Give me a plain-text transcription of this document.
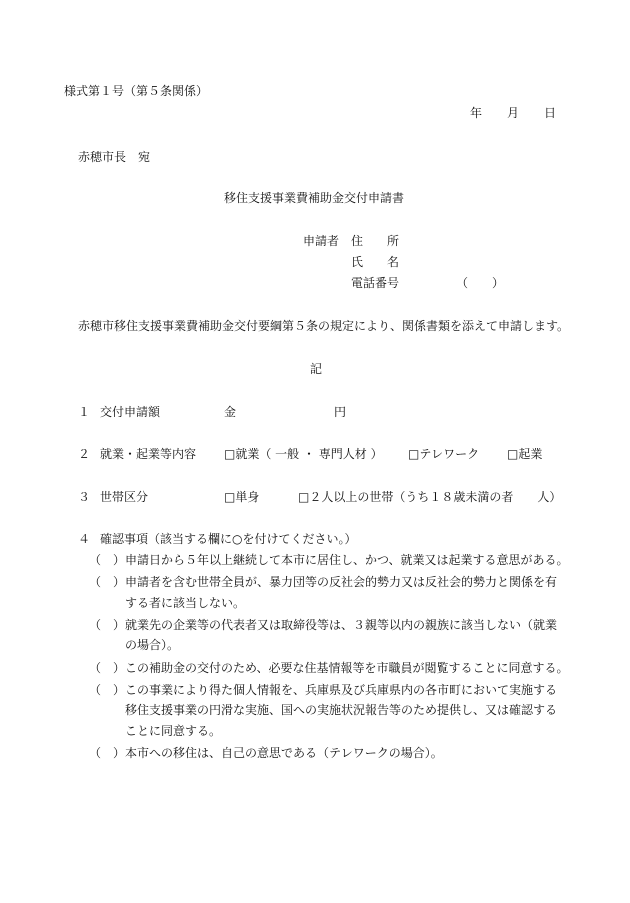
様式第１号（第５条関係）
年 月 日
赤穂市長　宛
移住支援事業費補助金交付申請書
申請者 住　　所
氏　　名
電話番号	（　　）
赤穂市移住支援事業費補助金交付要綱第５条の規定により、関係書類を添えて申請します。
記
１ 交付申請額	金	円
２ 就業・起業等内容	□ 就業（ 一般 ・ 専門人材 ）	□ テレワーク	□ 起業
３ 世帯区分	□ 単身	□ ２人以上の世帯（うち１８歳未満の者　　人）
４ 確認事項（該当する欄に○を付けてください。）
（　） 申請日から５年以上継続して本市に居住し、かつ、就業又は起業する意思がある。
（　） 申請者を含む世帯全員が、暴力団等の反社会的勢力又は反社会的勢力と関係を有
する者に該当しない。
（　） 就業先の企業等の代表者又は取締役等は、３親等以内の親族に該当しない（就業
の場合）。
（　） この補助金の交付のため、必要な住基情報等を市職員が閲覧することに同意する。
（　） この事業により得た個人情報を、兵庫県及び兵庫県内の各市町において実施する
移住支援事業の円滑な実施、国への実施状況報告等のため提供し、又は確認する
ことに同意する。
（　） 本市への移住は、自己の意思である（テレワークの場合）。
